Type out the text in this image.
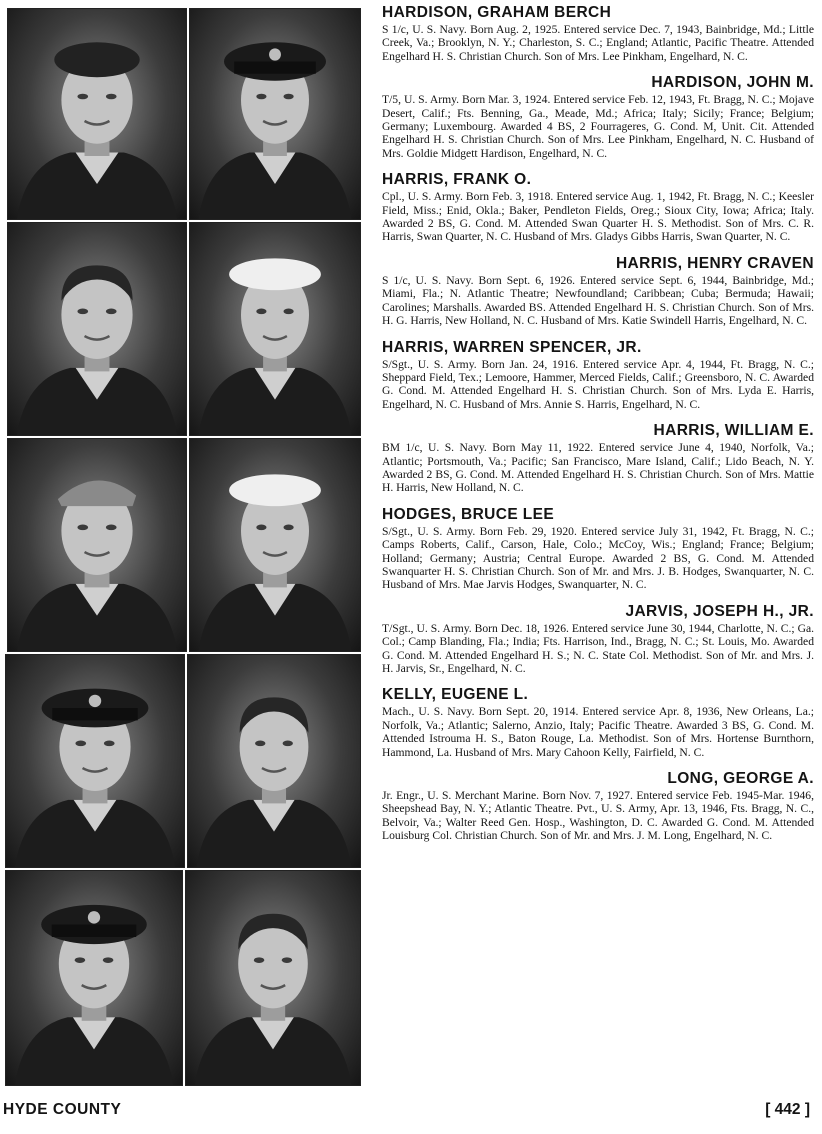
HARDISON, GRAHAM BERCH

S 1/c, U. S. Navy. Born Aug. 2, 1925. Entered service Dec. 7, 1943, Bainbridge, Md.; Little Creek, Va.; Brooklyn, N. Y.; Charleston, S. C.; England; Atlantic, Pacific Theatre. Attended Engelhard H. S. Christian Church. Son of Mrs. Lee Pinkham, Engelhard, N. C.

HARDISON, JOHN M.

T/5, U. S. Army. Born Mar. 3, 1924. Entered service Feb. 12, 1943, Ft. Bragg, N. C.; Mojave Desert, Calif.; Fts. Benning, Ga., Meade, Md.; Africa; Italy; Sicily; France; Belgium; Germany; Luxembourg. Awarded 4 BS, 2 Fourrageres, G. Cond. M, Unit. Cit. Attended Engelhard H. S. Christian Church. Son of Mrs. Lee Pinkham, Engelhard, N. C. Husband of Mrs. Goldie Midgett Hardison, Engelhard, N. C.

HARRIS, FRANK O.

Cpl., U. S. Army. Born Feb. 3, 1918. Entered service Aug. 1, 1942, Ft. Bragg, N. C.; Keesler Field, Miss.; Enid, Okla.; Baker, Pendleton Fields, Oreg.; Sioux City, Iowa; Africa; Italy. Awarded 2 BS, G. Cond. M. Attended Swan Quarter H. S. Methodist. Son of Mrs. C. R. Harris, Swan Quarter, N. C. Husband of Mrs. Gladys Gibbs Harris, Swan Quarter, N. C.

HARRIS, HENRY CRAVEN

S 1/c, U. S. Navy. Born Sept. 6, 1926. Entered service Sept. 6, 1944, Bainbridge, Md.; Miami, Fla.; N. Atlantic Theatre; Newfoundland; Caribbean; Cuba; Bermuda; Hawaii; Carolines; Marshalls. Awarded BS. Attended Engelhard H. S. Christian Church. Son of Mrs. H. G. Harris, New Holland, N. C. Husband of Mrs. Katie Swindell Harris, Engelhard, N. C.

HARRIS, WARREN SPENCER, JR.

S/Sgt., U. S. Army. Born Jan. 24, 1916. Entered service Apr. 4, 1944, Ft. Bragg, N. C.; Sheppard Field, Tex.; Lemoore, Hammer, Merced Fields, Calif.; Greensboro, N. C. Awarded G. Cond. M. Attended Engelhard H. S. Christian Church. Son of Mrs. Lyda E. Harris, Engelhard, N. C. Husband of Mrs. Annie S. Harris, Engelhard, N. C.

HARRIS, WILLIAM E.

BM 1/c, U. S. Navy. Born May 11, 1922. Entered service June 4, 1940, Norfolk, Va.; Atlantic; Portsmouth, Va.; Pacific; San Francisco, Mare Island, Calif.; Lido Beach, N. Y. Awarded 2 BS, G. Cond. M. Attended Engelhard H. S. Christian Church. Son of Mrs. Mattie H. Harris, New Holland, N. C.

HODGES, BRUCE LEE

S/Sgt., U. S. Army. Born Feb. 29, 1920. Entered service July 31, 1942, Ft. Bragg, N. C.; Camps Roberts, Calif., Carson, Hale, Colo.; McCoy, Wis.; England; France; Belgium; Holland; Germany; Austria; Central Europe. Awarded 2 BS, G. Cond. M. Attended Swanquarter H. S. Christian Church. Son of Mr. and Mrs. J. B. Hodges, Swanquarter, N. C. Husband of Mrs. Mae Jarvis Hodges, Swanquarter, N. C.

JARVIS, JOSEPH H., JR.

T/Sgt., U. S. Army. Born Dec. 18, 1926. Entered service June 30, 1944, Charlotte, N. C.; Ga. Col.; Camp Blanding, Fla.; India; Fts. Harrison, Ind., Bragg, N. C.; St. Louis, Mo. Awarded G. Cond. M. Attended Engelhard H. S.; N. C. State Col. Methodist. Son of Mr. and Mrs. J. H. Jarvis, Sr., Engelhard, N. C.

KELLY, EUGENE L.

Mach., U. S. Navy. Born Sept. 20, 1914. Entered service Apr. 8, 1936, New Orleans, La.; Norfolk, Va.; Atlantic; Salerno, Anzio, Italy; Pacific Theatre. Awarded 3 BS, G. Cond. M. Attended Istrouma H. S., Baton Rouge, La. Methodist. Son of Mrs. Hortense Burnthorn, Hammond, La. Husband of Mrs. Mary Cahoon Kelly, Fairfield, N. C.

LONG, GEORGE A.

Jr. Engr., U. S. Merchant Marine. Born Nov. 7, 1927. Entered service Feb. 1945-Mar. 1946, Sheepshead Bay, N. Y.; Atlantic Theatre. Pvt., U. S. Army, Apr. 13, 1946, Fts. Bragg, N. C., Belvoir, Va.; Walter Reed Gen. Hosp., Washington, D. C. Awarded G. Cond. M. Attended Louisburg Col. Christian Church. Son of Mr. and Mrs. J. M. Long, Engelhard, N. C.

HYDE COUNTY	[ 442 ]
